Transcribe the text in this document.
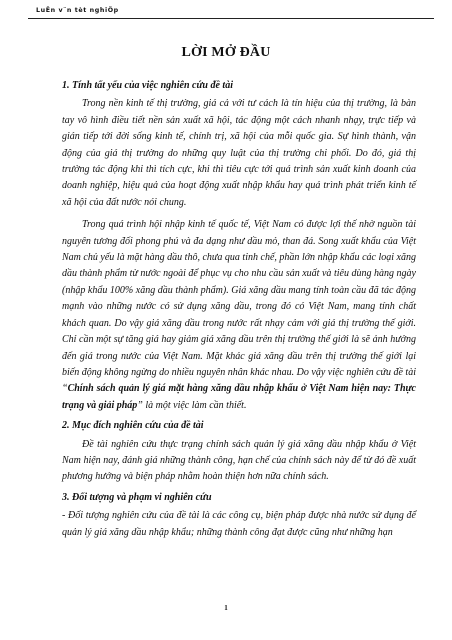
LuÊn v¨n tèt nghiÖp
LỜI MỞ ĐẦU

1. Tính tất yếu của việc nghiên cứu đề tài

Trong nền kinh tế thị trường, giá cả với tư cách là tín hiệu của thị trường, là bàn tay vô hình điều tiết nền sản xuất xã hội, tác động một cách nhanh nhạy, trực tiếp và gián tiếp tới đời sống kinh tế, chính trị, xã hội của mỗi quốc gia. Sự hình thành, vận động của giá thị trường do những quy luật của thị trường chi phối. Do đó, giá thị trường tác động khi thì tích cực, khi thì tiêu cực tới quá trình sản xuất kinh doanh của doanh nghiệp, hiệu quả của hoạt động xuất nhập khẩu hay quá trình phát triển kinh tế xã hội của đất nước nói chung.

Trong quá trình hội nhập kinh tế quốc tế, Việt Nam có được lợi thế nhờ nguồn tài nguyên tương đối phong phú và đa dạng như dầu mỏ, than đá. Song xuất khẩu của Việt Nam chủ yếu là mặt hàng dầu thô, chưa qua tinh chế, phần lớn nhập khẩu các loại xăng dầu thành phẩm từ nước ngoài để phục vụ cho nhu cầu sản xuất và tiêu dùng hàng ngày (nhập khẩu 100% xăng dầu thành phẩm). Giá xăng dầu mang tính toàn cầu đã tác động mạnh vào những nước có sử dụng xăng dầu, trong đó có Việt Nam, mang tính chất khách quan. Do vậy giá xăng dầu trong nước rất nhạy cảm với giá thị trường thế giới. Chỉ cần một sự tăng giá hay giảm giá xăng dầu trên thị trường thế giới là sẽ ảnh hưởng đến giá trong nước của Việt Nam. Mặt khác giá xăng dầu trên thị trường thế giới lại biến động không ngừng do nhiều nguyên nhân khác nhau. Do vậy việc nghiên cứu đề tài “Chính sách quản lý giá mặt hàng xăng dầu nhập khẩu ở Việt Nam hiện nay: Thực trạng và giải pháp” là một việc làm cần thiết.

2. Mục đích nghiên cứu của đề tài

Đề tài nghiên cứu thực trạng chính sách quản lý giá xăng dầu nhập khẩu ở Việt Nam hiện nay, đánh giá những thành công, hạn chế của chính sách này để từ đó đề xuất phương hướng và biện pháp nhằm hoàn thiện hơn nữa chính sách.

3. Đối tượng và phạm vi nghiên cứu

- Đối tượng nghiên cứu của đề tài là các công cụ, biện pháp được nhà nước sử dụng để quản lý giá xăng dầu nhập khẩu; những thành công đạt được cũng như những hạn

1
